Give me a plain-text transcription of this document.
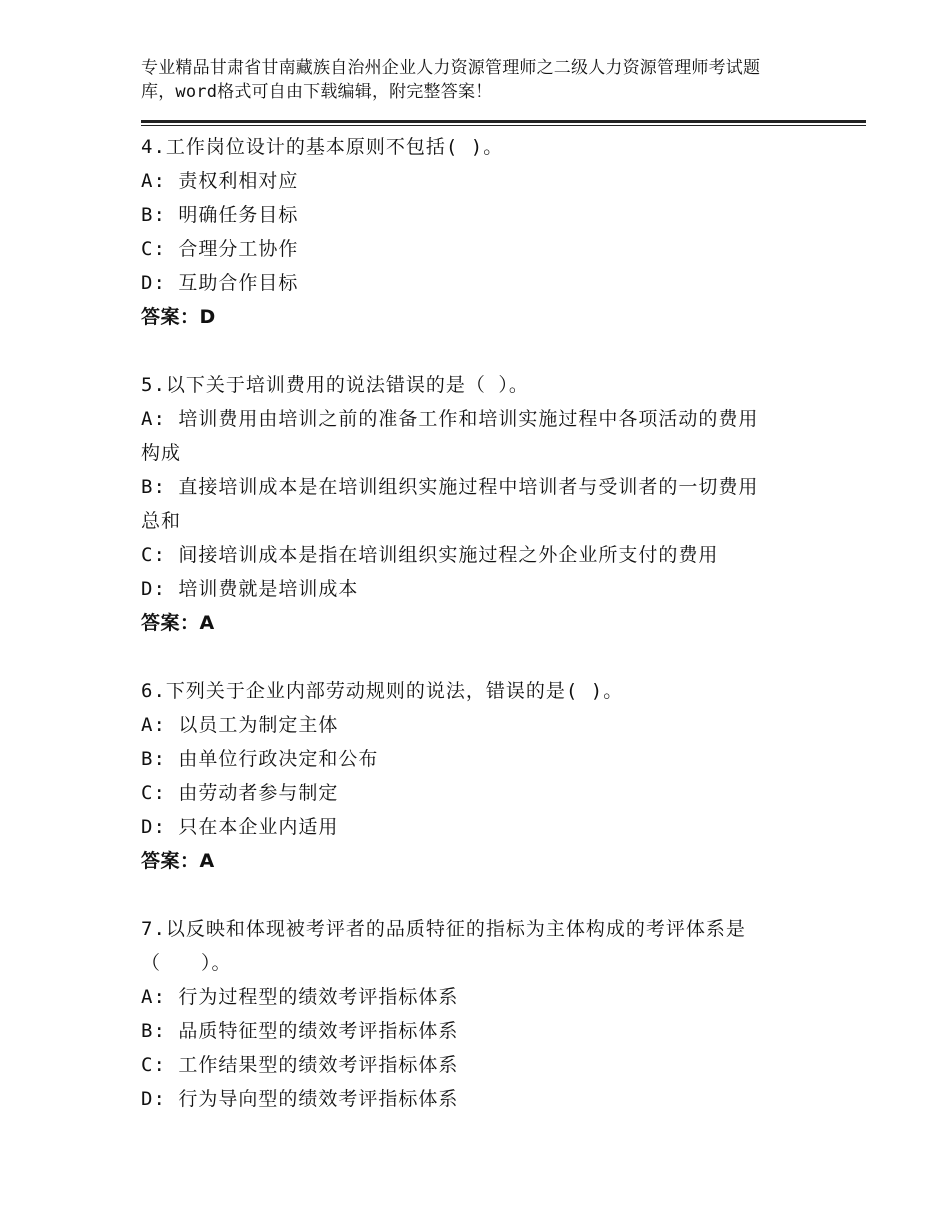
专业精品甘肃省甘南藏族自治州企业人力资源管理师之二级人力资源管理师考试题
库，word格式可自由下载编辑，附完整答案！
4.工作岗位设计的基本原则不包括( )。
A: 责权利相对应
B: 明确任务目标
C: 合理分工协作
D: 互助合作目标
答案：D
5.以下关于培训费用的说法错误的是（ ）。
A: 培训费用由培训之前的准备工作和培训实施过程中各项活动的费用
构成
B: 直接培训成本是在培训组织实施过程中培训者与受训者的一切费用
总和
C: 间接培训成本是指在培训组织实施过程之外企业所支付的费用
D: 培训费就是培训成本
答案：A
6.下列关于企业内部劳动规则的说法，错误的是( )。
A: 以员工为制定主体
B: 由单位行政决定和公布
C: 由劳动者参与制定
D: 只在本企业内适用
答案：A
7.以反映和体现被考评者的品质特征的指标为主体构成的考评体系是
（　　）。
A: 行为过程型的绩效考评指标体系
B: 品质特征型的绩效考评指标体系
C: 工作结果型的绩效考评指标体系
D: 行为导向型的绩效考评指标体系
